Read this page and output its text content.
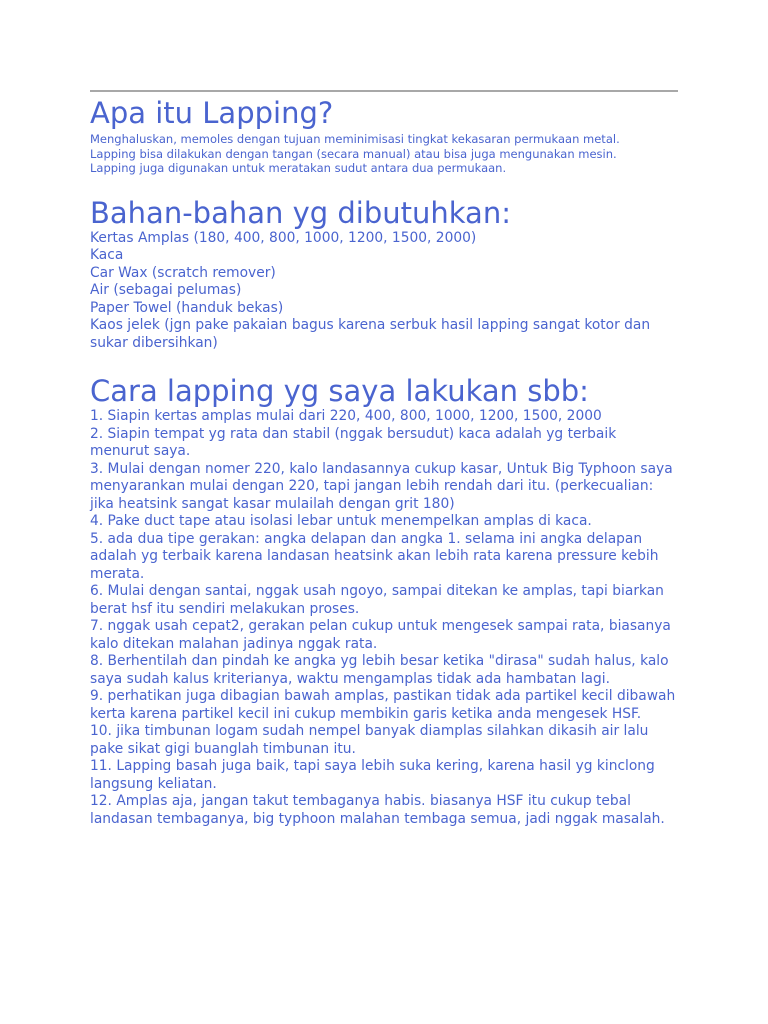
Apa itu Lapping?

Menghaluskan, memoles dengan tujuan meminimisasi tingkat kekasaran permukaan metal.

Lapping bisa dilakukan dengan tangan (secara manual) atau bisa juga mengunakan mesin.

Lapping juga digunakan untuk meratakan sudut antara dua permukaan.

Bahan-bahan yg dibutuhkan:
Kertas Amplas (180, 400, 800, 1000, 1200, 1500, 2000)
Kaca
Car Wax (scratch remover)
Air (sebagai pelumas)
Paper Towel (handuk bekas)
Kaos jelek (jgn pake pakaian bagus karena serbuk hasil lapping sangat kotor dan sukar dibersihkan)
Cara lapping yg saya lakukan sbb:
1. Siapin kertas amplas mulai dari 220, 400, 800, 1000, 1200, 1500, 2000
2. Siapin tempat yg rata dan stabil (nggak bersudut) kaca adalah yg terbaik menurut saya.
3. Mulai dengan nomer 220, kalo landasannya cukup kasar, Untuk Big Typhoon saya menyarankan mulai dengan 220, tapi jangan lebih rendah dari itu. (perkecualian: jika heatsink sangat kasar mulailah dengan grit 180)
4. Pake duct tape atau isolasi lebar untuk menempelkan amplas di kaca.
5. ada dua tipe gerakan: angka delapan dan angka 1. selama ini angka delapan adalah yg terbaik karena landasan heatsink akan lebih rata karena pressure kebih merata.
6. Mulai dengan santai, nggak usah ngoyo, sampai ditekan ke amplas, tapi biarkan berat hsf itu sendiri melakukan proses.
7. nggak usah cepat2, gerakan pelan cukup untuk mengesek sampai rata, biasanya kalo ditekan malahan jadinya nggak rata.
8. Berhentilah dan pindah ke angka yg lebih besar ketika "dirasa" sudah halus, kalo saya sudah kalus kriterianya, waktu mengamplas tidak ada hambatan lagi.
9. perhatikan juga dibagian bawah amplas, pastikan tidak ada partikel kecil dibawah kerta karena partikel kecil ini cukup membikin garis ketika anda mengesek HSF.
10. jika timbunan logam sudah nempel banyak diamplas silahkan dikasih air lalu pake sikat gigi buanglah timbunan itu.
11. Lapping basah juga baik, tapi saya lebih suka kering, karena hasil yg kinclong langsung keliatan.
12. Amplas aja, jangan takut tembaganya habis. biasanya HSF itu cukup tebal landasan tembaganya, big typhoon malahan tembaga semua, jadi nggak masalah.
